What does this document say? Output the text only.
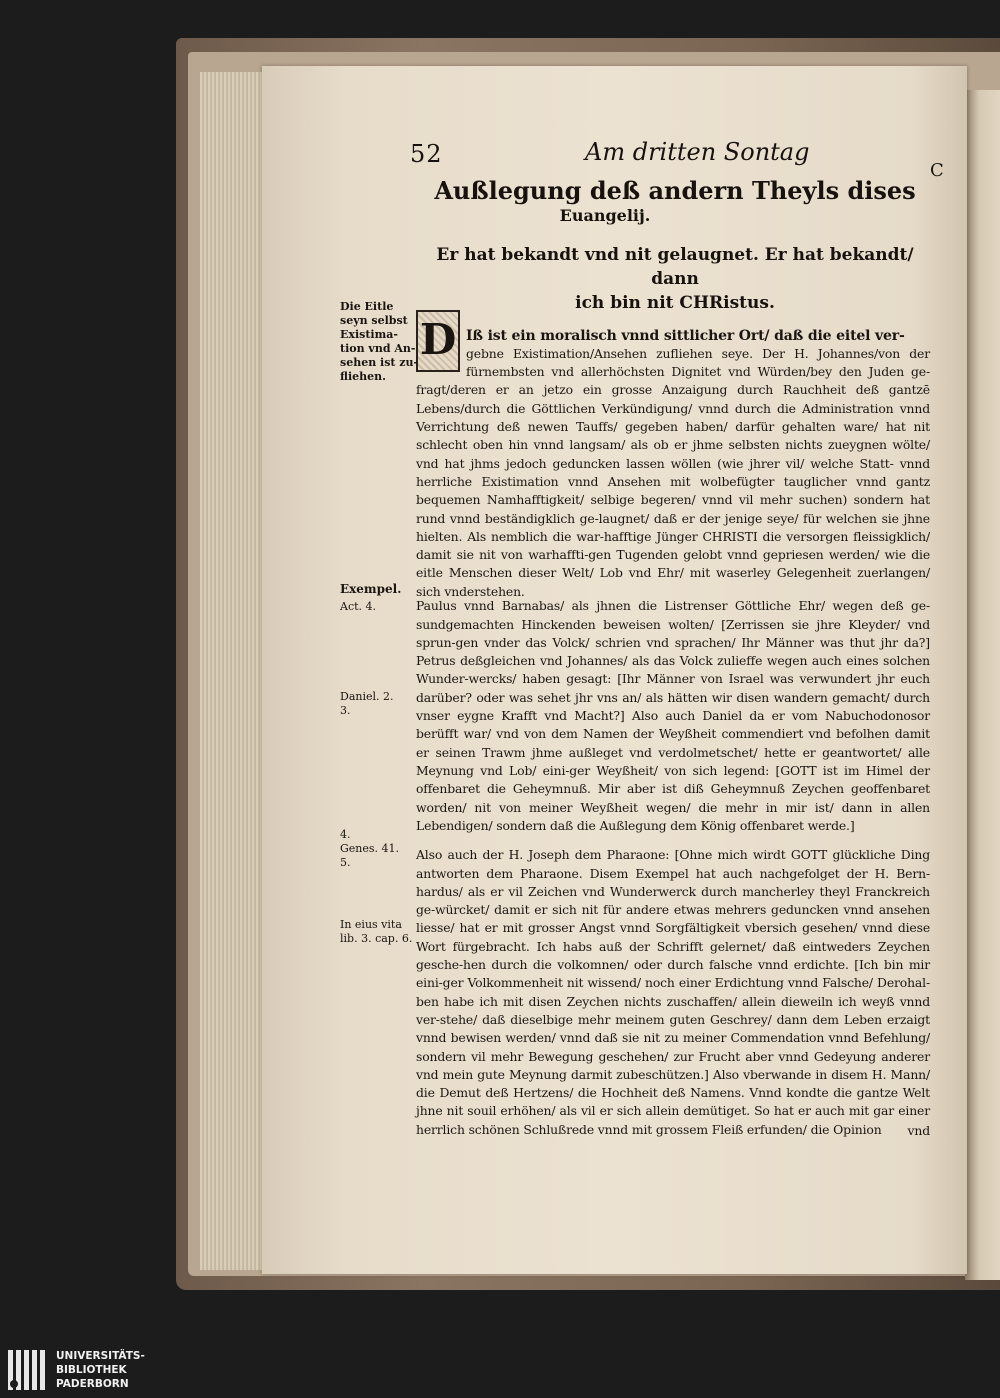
C
52	Am dritten Sontag
Außlegung deß andern Theyls dises
Euangelij.
Er hat bekandt vnd nit gelaugnet. Er hat bekandt/ dann
ich bin nit CHRistus.

D Iß ist ein moralisch vnnd sittlicher Ort/ daß die eitel ver-
gebne Existimation/Ansehen zufliehen seye. Der H. Johannes/von der fürnembsten vnd allerhöchsten Dignitet vnd Würden/bey den Juden ge-fragt/deren er an jetzo ein grosse Anzaigung durch Rauchheit deß gantzē Lebens/durch die Göttlichen Verkündigung/ vnnd durch die Administration vnnd Verrichtung deß newen Tauffs/ gegeben haben/ darfür gehalten ware/ hat nit schlecht oben hin vnnd langsam/ als ob er jhme selbsten nichts zueygnen wölte/ vnd hat jhms jedoch geduncken lassen wöllen (wie jhrer vil/ welche Statt- vnnd herrliche Existimation vnnd Ansehen mit wolbefügter tauglicher vnnd gantz bequemen Namhafftigkeit/ selbige begeren/ vnnd vil mehr suchen) sondern hat rund vnnd beständigklich ge-laugnet/ daß er der jenige seye/ für welchen sie jhne hielten. Als nemblich die war-hafftige Jünger CHRISTI die versorgen fleissigklich/ damit sie nit von warhaffti-gen Tugenden gelobt vnnd gepriesen werden/ wie die eitle Menschen dieser Welt/ Lob vnd Ehr/ mit waserley Gelegenheit zuerlangen/ sich vnderstehen.

Paulus vnnd Barnabas/ als jhnen die Listrenser Göttliche Ehr/ wegen deß ge-sundgemachten Hinckenden beweisen wolten/ [Zerrissen sie jhre Kleyder/ vnd sprun-gen vnder das Volck/ schrien vnd sprachen/ Ihr Männer was thut jhr da?] Petrus deßgleichen vnd Johannes/ als das Volck zulieffe wegen auch eines solchen Wunder-wercks/ haben gesagt: [Ihr Männer von Israel was verwundert jhr euch darüber? oder was sehet jhr vns an/ als hätten wir disen wandern gemacht/ durch vnser eygne Krafft vnd Macht?] Also auch Daniel da er vom Nabuchodonosor berüfft war/ vnd von dem Namen der Weyßheit commendiert vnd befolhen damit er seinen Trawm jhme außleget vnd verdolmetschet/ hette er geantwortet/ alle Meynung vnd Lob/ eini-ger Weyßheit/ von sich legend: [GOTT ist im Himel der offenbaret die Geheymnuß. Mir aber ist diß Geheymnuß Zeychen geoffenbaret worden/ nit von meiner Weyßheit wegen/ die mehr in mir ist/ dann in allen Lebendigen/ sondern daß die Außlegung dem König offenbaret werde.]

Also auch der H. Joseph dem Pharaone: [Ohne mich wirdt GOTT glückliche Ding antworten dem Pharaone. Disem Exempel hat auch nachgefolget der H. Bern-hardus/ als er vil Zeichen vnd Wunderwerck durch mancherley theyl Franckreich ge-würcket/ damit er sich nit für andere etwas mehrers geduncken vnnd ansehen liesse/ hat er mit grosser Angst vnnd Sorgfältigkeit vbersich gesehen/ vnnd diese Wort fürgebracht. Ich habs auß der Schrifft gelernet/ daß eintweders Zeychen gesche-hen durch die volkomnen/ oder durch falsche vnnd erdichte. [Ich bin mir eini-ger Volkommenheit nit wissend/ noch einer Erdichtung vnnd Falsche/ Derohal-ben habe ich mit disen Zeychen nichts zuschaffen/ allein dieweiln ich weyß vnnd ver-stehe/ daß dieselbige mehr meinem guten Geschrey/ dann dem Leben erzaigt vnnd bewisen werden/ vnnd daß sie nit zu meiner Commendation vnnd Befehlung/ sondern vil mehr Bewegung geschehen/ zur Frucht aber vnnd Gedeyung anderer vnd mein gute Meynung darmit zubeschützen.] Also vberwande in disem H. Mann/ die Demut deß Hertzens/ die Hochheit deß Namens. Vnnd kondte die gantze Welt jhne nit souil erhöhen/ als vil er sich allein demütiget. So hat er auch mit gar einer herrlich schönen Schlußrede vnnd mit grossem Fleiß erfunden/ die Opinion	vnd
Die Eitle
seyn selbst
Existima-
tion vnd An-
sehen ist zu-
fliehen.
Exempel.
Act. 4.
Daniel. 2.
3.
4.
Genes. 41.
5.
In eius vita
lib. 3. cap. 6.
UNIVERSITÄTS-
BIBLIOTHEK
PADERBORN
